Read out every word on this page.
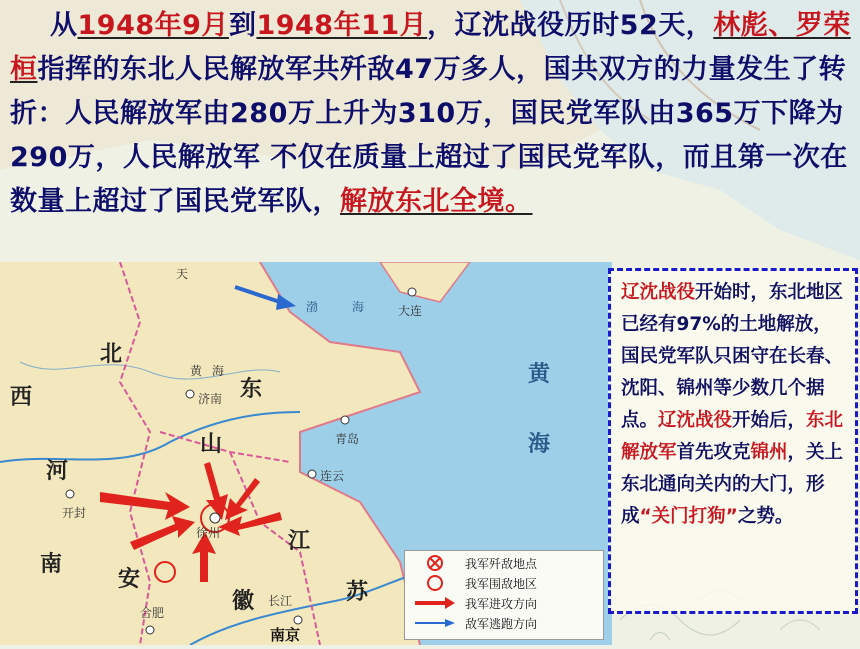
从1948年9月到1948年11月，辽沈战役历时52天，林彪、罗荣桓指挥的东北人民解放军共歼敌47万多人，国共双方的力量发生了转折：人民解放军由280万上升为310万，国民党军队由365万下降为290万，人民解放军 不仅在质量上超过了国民党军队，而且第一次在数量上超过了国民党军队，解放东北全境。
北
东
山
西
河
南
安
江
苏
徽
黄
海
大连
济南
青岛
连云
开封
徐州
南京
合肥
天
渤	海
黄 海
长江
我军歼敌地点
我军围敌地区
我军进攻方向
敌军逃跑方向
辽沈战役开始时，东北地区已经有97%的土地解放，国民党军队只困守在长春、沈阳、锦州等少数几个据点。辽沈战役开始后，东北解放军首先攻克锦州，关上东北通向关内的大门，形成“关门打狗”之势。
